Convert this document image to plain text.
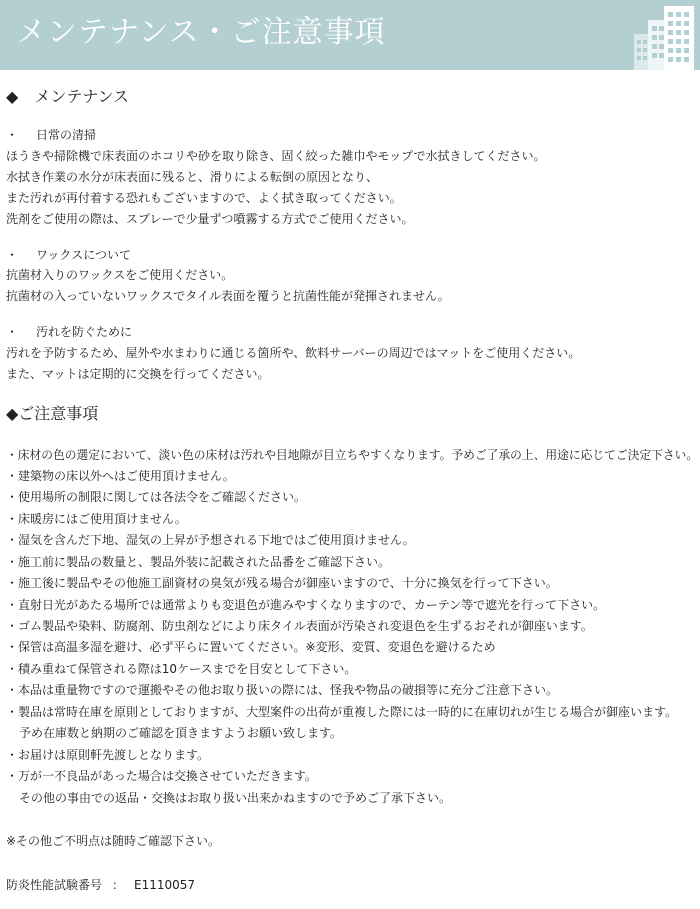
メンテナンス・ご注意事項
◆ メンテナンス
・ 日常の清掃
ほうきや掃除機で床表面のホコリや砂を取り除き、固く絞った雑巾やモップで水拭きしてください。
水拭き作業の水分が床表面に残ると、滑りによる転倒の原因となり、
また汚れが再付着する恐れもございますので、よく拭き取ってください。
洗剤をご使用の際は、スプレーで少量ずつ噴霧する方式でご使用ください。
・ ワックスについて
抗菌材入りのワックスをご使用ください。
抗菌材の入っていないワックスでタイル表面を覆うと抗菌性能が発揮されません。
・ 汚れを防ぐために
汚れを予防するため、屋外や水まわりに通じる箇所や、飲料サーバーの周辺ではマットをご使用ください。
また、マットは定期的に交換を行ってください。
◆ご注意事項
・床材の色の選定において、淡い色の床材は汚れや目地隙が目立ちやすくなります。予めご了承の上、用途に応じてご決定下さい。
・建築物の床以外へはご使用頂けません。
・使用場所の制限に関しては各法令をご確認ください。
・床暖房にはご使用頂けません。
・湿気を含んだ下地、湿気の上昇が予想される下地ではご使用頂けません。
・施工前に製品の数量と、製品外装に記載された品番をご確認下さい。
・施工後に製品やその他施工副資材の臭気が残る場合が御座いますので、十分に換気を行って下さい。
・直射日光があたる場所では通常よりも変退色が進みやすくなりますので、カーテン等で遮光を行って下さい。
・ゴム製品や染料、防腐剤、防虫剤などにより床タイル表面が汚染され変退色を生ずるおそれが御座います。
・保管は高温多湿を避け、必ず平らに置いてください。※変形、変質、変退色を避けるため
・積み重ねて保管される際は10ケースまでを目安として下さい。
・本品は重量物ですので運搬やその他お取り扱いの際には、怪我や物品の破損等に充分ご注意下さい。
・製品は常時在庫を原則としておりますが、大型案件の出荷が重複した際には一時的に在庫切れが生じる場合が御座います。
予め在庫数と納期のご確認を頂きますようお願い致します。
・お届けは原則軒先渡しとなります。
・万が一不良品があった場合は交換させていただきます。
その他の事由での返品・交換はお取り扱い出来かねますので予めご了承下さい。
※その他ご不明点は随時ご確認下さい。
防炎性能試験番号 ： E1110057
